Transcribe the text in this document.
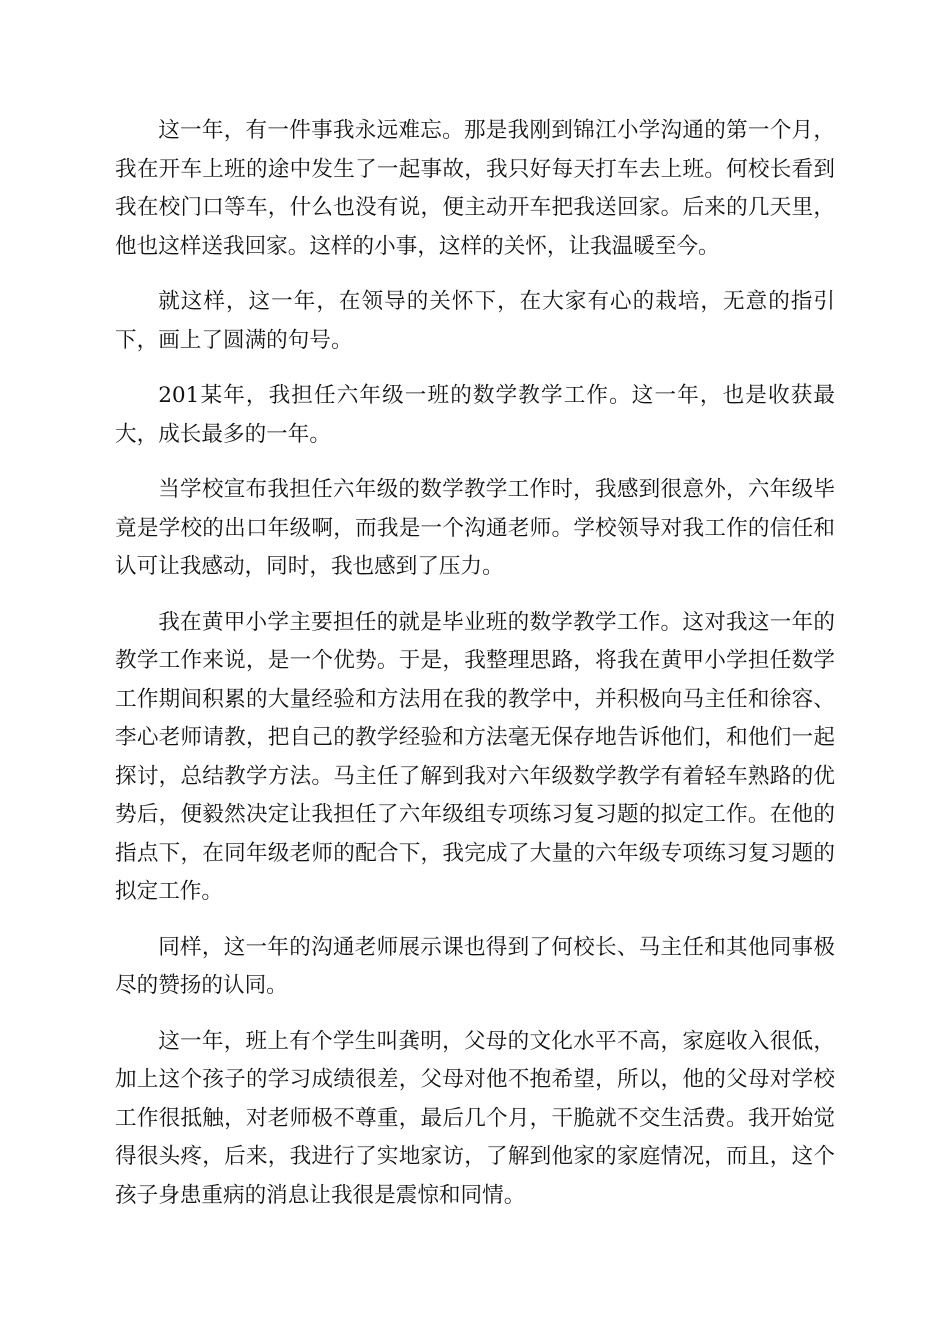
这一年，有一件事我永远难忘。那是我刚到锦江小学沟通的第一个月，我在开车上班的途中发生了一起事故，我只好每天打车去上班。何校长看到我在校门口等车，什么也没有说，便主动开车把我送回家。后来的几天里，他也这样送我回家。这样的小事，这样的关怀，让我温暖至今。

就这样，这一年，在领导的关怀下，在大家有心的栽培，无意的指引下，画上了圆满的句号。

201某年，我担任六年级一班的数学教学工作。这一年，也是收获最大，成长最多的一年。

当学校宣布我担任六年级的数学教学工作时，我感到很意外，六年级毕竟是学校的出口年级啊，而我是一个沟通老师。学校领导对我工作的信任和认可让我感动，同时，我也感到了压力。

我在黄甲小学主要担任的就是毕业班的数学教学工作。这对我这一年的教学工作来说，是一个优势。于是，我整理思路，将我在黄甲小学担任数学工作期间积累的大量经验和方法用在我的教学中，并积极向马主任和徐容、李心老师请教，把自己的教学经验和方法毫无保存地告诉他们，和他们一起探讨，总结教学方法。马主任了解到我对六年级数学教学有着轻车熟路的优势后，便毅然决定让我担任了六年级组专项练习复习题的拟定工作。在他的指点下，在同年级老师的配合下，我完成了大量的六年级专项练习复习题的拟定工作。

同样，这一年的沟通老师展示课也得到了何校长、马主任和其他同事极尽的赞扬的认同。

这一年，班上有个学生叫龚明，父母的文化水平不高，家庭收入很低，加上这个孩子的学习成绩很差，父母对他不抱希望，所以，他的父母对学校工作很抵触，对老师极不尊重，最后几个月，干脆就不交生活费。我开始觉得很头疼，后来，我进行了实地家访，了解到他家的家庭情况，而且，这个孩子身患重病的消息让我很是震惊和同情。
